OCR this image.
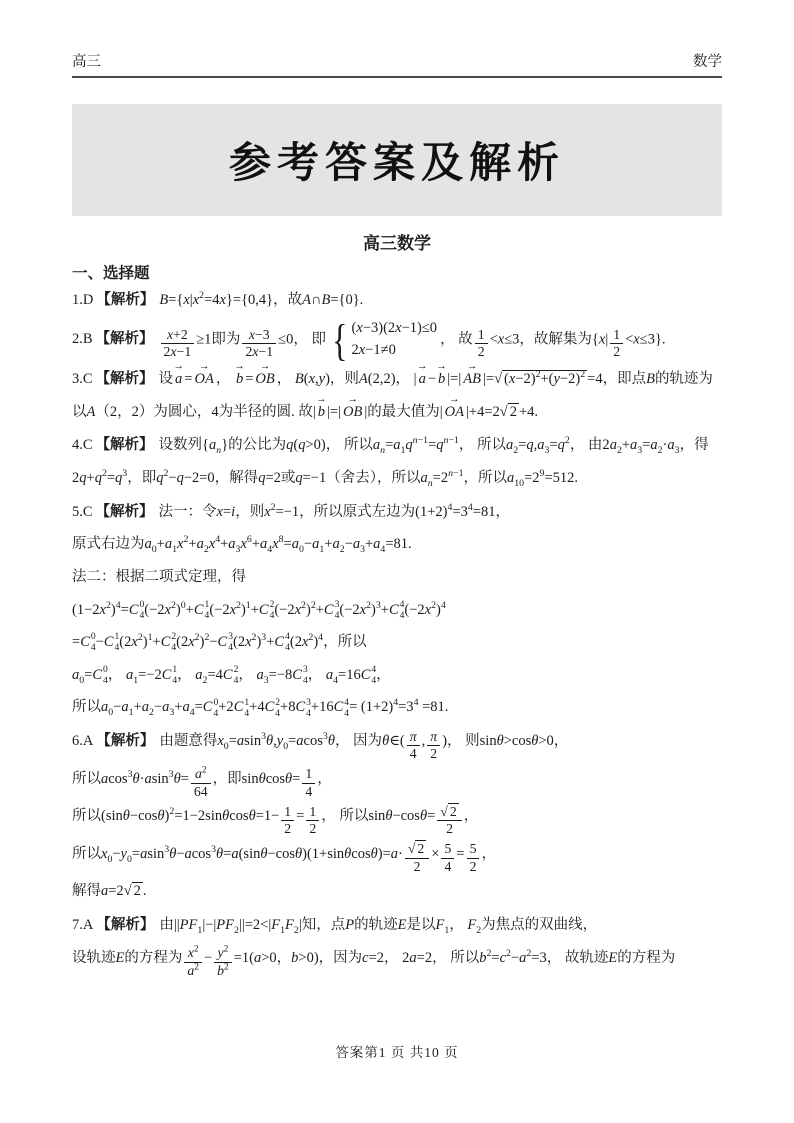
高三	数学
参考答案及解析
高三数学
一、选择题
1.D 【解析】 $B=\{x|x^2=4x\}=\{0,4\}$，故A∩B={0}.
2.B 【解析】 $\frac{x+2}{2x-1} \ge 1$即为 $\frac{x-3}{2x-1} \le 0$， 即 { (x−3)(2x−1)≤0
2x−1≠0
， 故 $\frac{1}{2} <x\le 3$，故解集为$\{x| \frac{1}{2} <x\le 3\}$.
3.C 【解析】 设
→
a =
→
OA ，
→
b =
→
OB ， B(x,y)，则A(2,2)， |
→
a −
→
b |=|
→
AB |=√ $(x-2)^2+(y-2)^2 =4$，即点B的轨迹为以A（2，2）为圆心，4为半径的圆. 故|
→
b |=|
→
OB |的最大值为|
→
OA |+4=2√ 2 +4.
4.C 【解析】 设数列$\{a_n\}$的公比为q(q>0)， 所以$a_n=a_1q^{n-1}=q^{n-1}$， 所以$a_2=q,a_3=q^2$， 由$2a_2+a_3=a_2\cdot a_3$，得$2q+q^2=q^3$，即$q^2-q-2=0$，解得q=2或q=−1（舍去），所以$a_n=2^{n-1}$，所以$a_{10}=2^9=512$.
5.C 【解析】 法一：令x=i，则$x^2=-1$，所以原式左边为$(1+2)^4=3^4=81$，
原式右边为$a_0+a_1x^2+a_2x^4+a_3x^6+a_4x^8=a_0-a_1+a_2-a_3+a_4=81$.
法二：根据二项式定理，得
$(1-2x^2)^4= C$ 0
4 $(-2x^2)^0+ C$ 1
4 $(-2x^2)^1+ C$ 2
4 $(-2x^2)^2+ C$ 3
4 $(-2x^2)^3+ C$ 4
4 $(-2x^2)^4$
= C 0
4 − C 1
4 $(2x^2)^1+ C$ 2
4 $(2x^2)^2- C$ 3
4 $(2x^2)^3+ C$ 4
4 $(2x^2)^4$，所以
$a_0= C$ 0
4 ， $a_1=-2$ C 1
4 ， $a_2=4$ C 2
4 ， $a_3=-8$ C 3
4 ， $a_4=16$ C 4
4 ，
所以$a_0-a_1+a_2-a_3+a_4= C$ 0
4 +2 C 1
4 +4 C 2
4 +8 C 3
4 +16 C 4
$4 = (1+2)^4=3^4 =81$.
6.A 【解析】 由题意得$x_0=asin^3\theta,y_0=acos^3\theta$， 因为θ∈( $\frac{\pi}{4}$ , $\frac{\pi}{2}$ )， 则sinθ>cosθ>0，
所以$acos^3\theta\cdot asin^3\theta= \frac{a^2}{64}$ ，即$\sin\theta\cos\theta= \frac{1}{4}$ ，
所以$(\sin\theta-\cos\theta)^2=1-2\sin\theta\cos\theta=1- \frac{1}{2} = \frac{1}{2}$ ， 所以$\sin\theta-\cos\theta= \frac{√ 2}{2}$ ，
所以$x_0-y_0=asin^3\theta-acos^3\theta=a(\sin\theta-\cos\theta)(1+\sin\theta\cos\theta)=a\cdot \frac{√ 2}{2} \times \frac{5}{4} = \frac{5}{2}$ ，
解得a=2√ 2 .
7.A 【解析】 由$||PF_1|-|PF_2||=2<|F_1F_2|$知，点P的轨迹E是以$F_1$， $F_2$为焦点的双曲线，
设轨迹E的方程为 $\frac{x^2}{a^2} - \frac{y^2}{b^2} =1(a>0$，b>0)，因为c=2， 2a=2， 所以$b^2=c^2-a^2=3$， 故轨迹E的方程为
答案第1 页 共10 页
